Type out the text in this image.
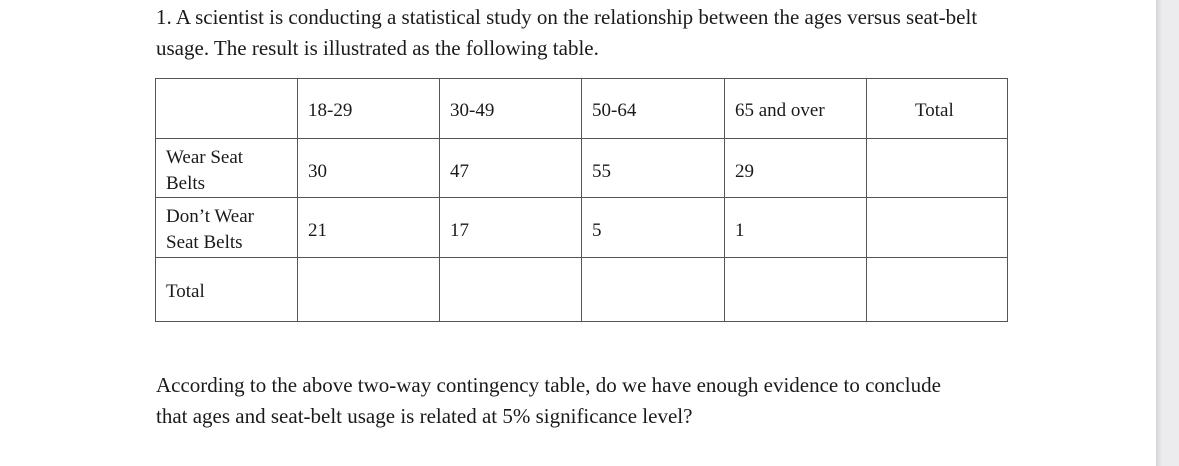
1. A scientist is conducting a statistical study on the relationship between the ages versus seat-belt
usage. The result is illustrated as the following table.

	18-29	30-49	50-64	65 and over	Total

Wear Seat Belts	30	47	55	29	

Don’t Wear Seat Belts	21	17	5	1	

Total					

According to the above two-way contingency table, do we have enough evidence to conclude
that ages and seat-belt usage is related at 5% significance level?
